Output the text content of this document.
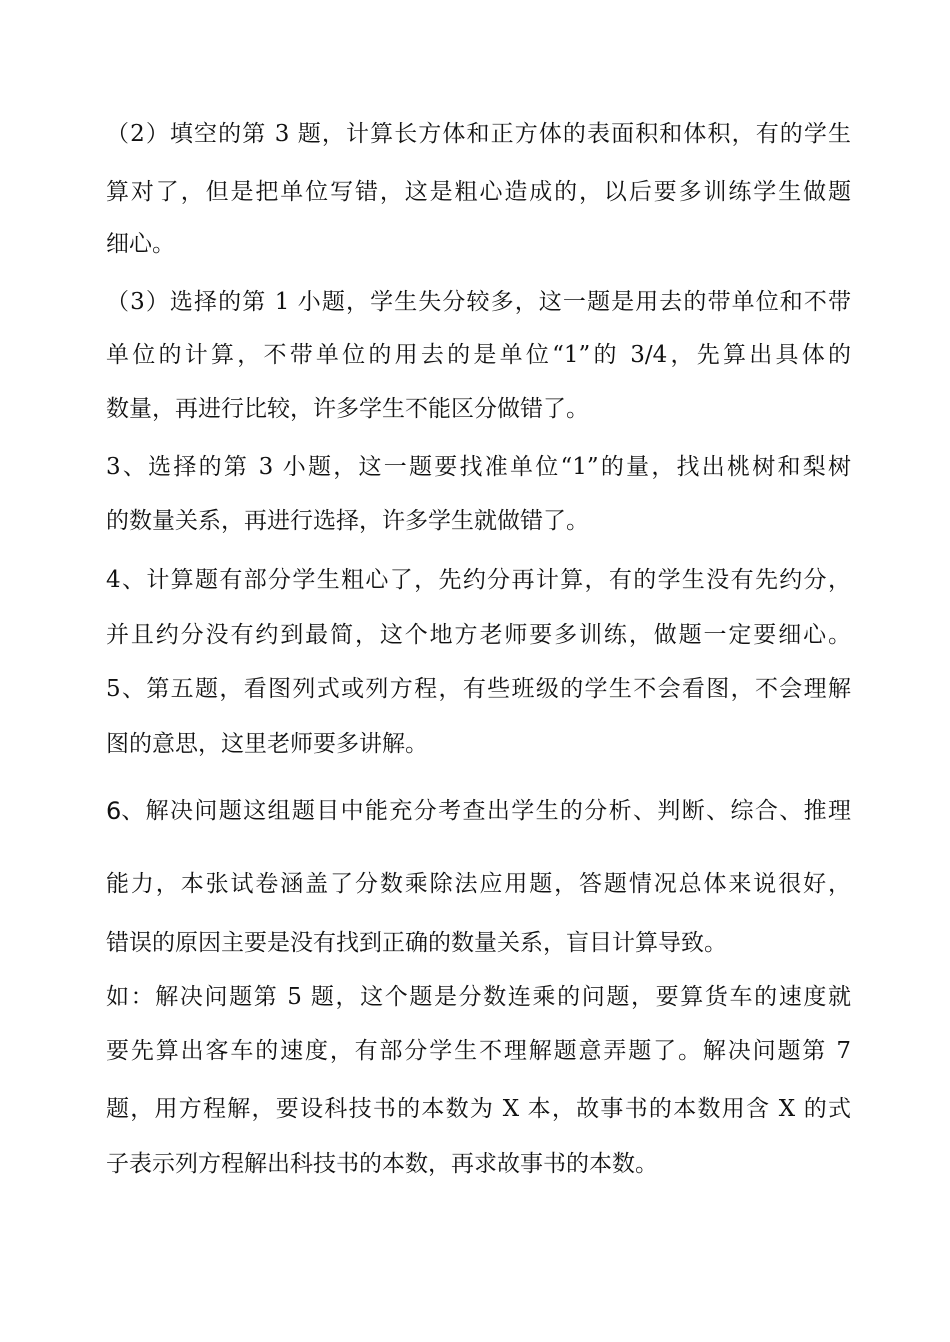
（2）填空的第 3 题，计算长方体和正方体的表面积和体积，有的学生
算对了，但是把单位写错，这是粗心造成的，以后要多训练学生做题
细心。
（3）选择的第 1 小题，学生失分较多，这一题是用去的带单位和不带
单位的计算，不带单位的用去的是单位“1”的 3/4，先算出具体的
数量，再进行比较，许多学生不能区分做错了。
3、选择的第 3 小题，这一题要找准单位“1”的量，找出桃树和梨树
的数量关系，再进行选择，许多学生就做错了。
4、计算题有部分学生粗心了，先约分再计算，有的学生没有先约分，
并且约分没有约到最简，这个地方老师要多训练，做题一定要细心。
5、第五题，看图列式或列方程，有些班级的学生不会看图，不会理解
图的意思，这里老师要多讲解。
6 、解决问题这组题目中能充分考查出学生的分析、判断、综合、推理
能力，本张试卷涵盖了分数乘除法应用题，答题情况总体来说很好，
错误的原因主要是没有找到正确的数量关系，盲目计算导致。
如：解决问题第 5 题，这个题是分数连乘的问题，要算货车的速度就
要先算出客车的速度，有部分学生不理解题意弄题了。解决问题第 7
题，用方程解，要设科技书的本数为 X 本，故事书的本数用含 X 的式
子表示列方程解出科技书的本数，再求故事书的本数。
